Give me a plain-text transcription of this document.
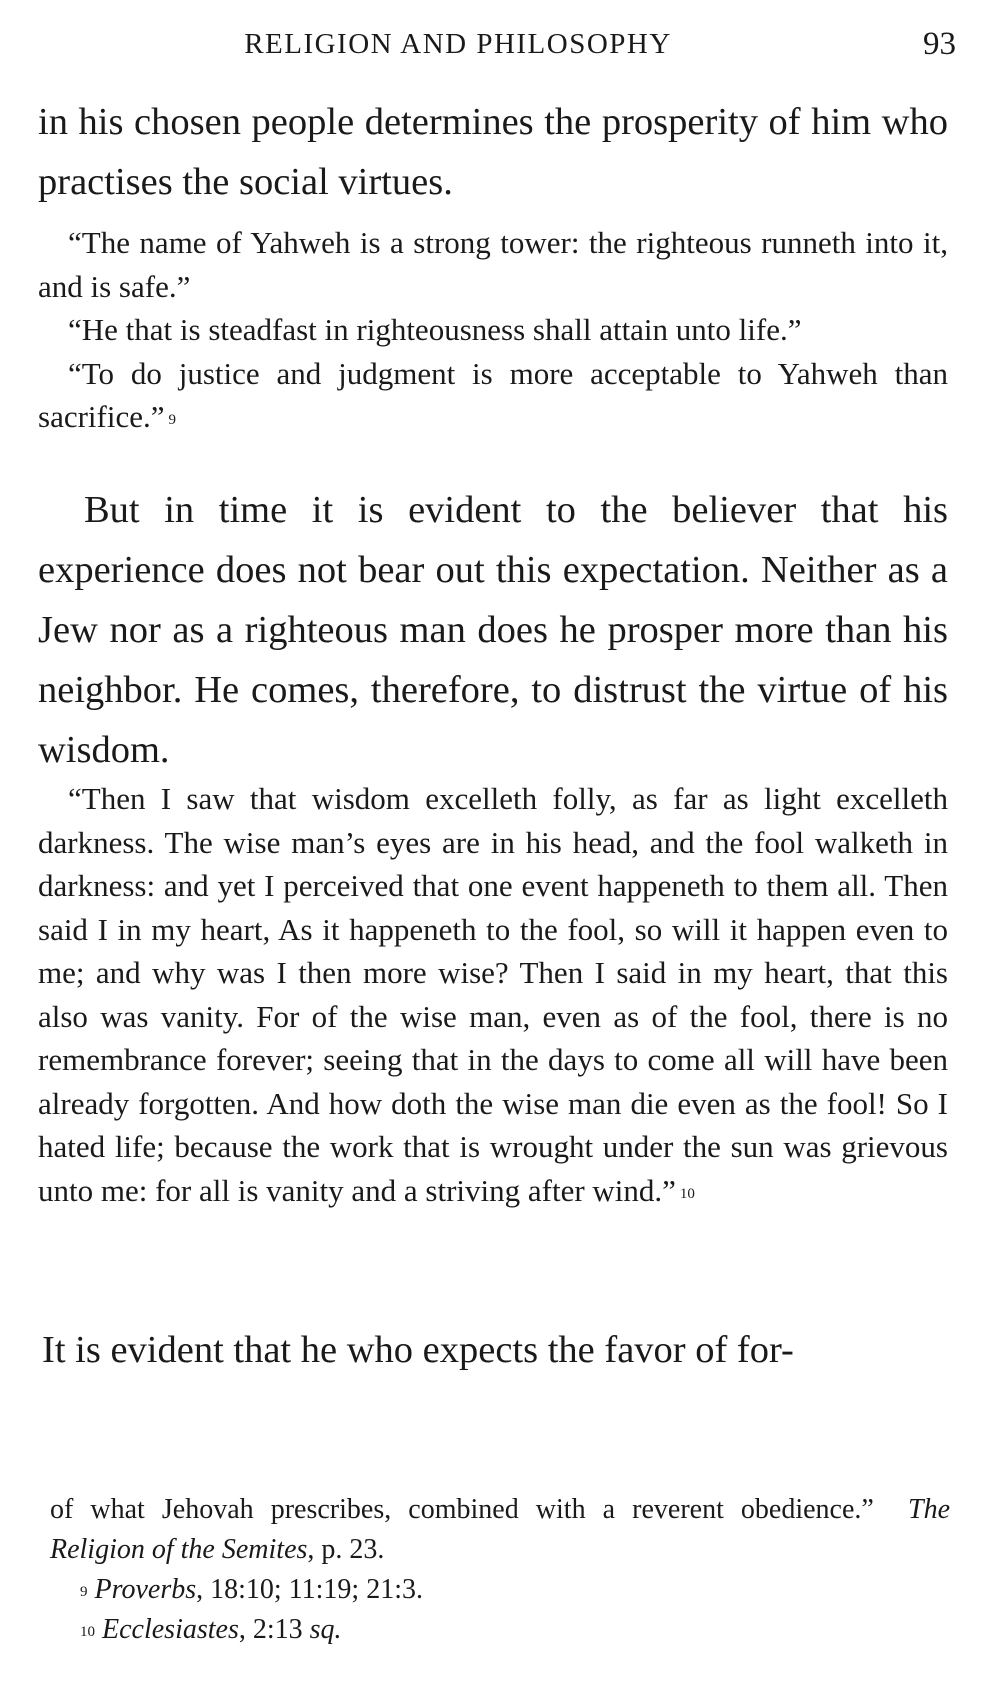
RELIGION AND PHILOSOPHY	93

in his chosen people determines the prosperity of him who practises the social virtues.

“The name of Yahweh is a strong tower: the righteous runneth into it, and is safe.”

“He that is steadfast in righteousness shall attain unto life.”

“To do justice and judgment is more acceptable to Yahweh than sacrifice.” $^9$

But in time it is evident to the believer that his experience does not bear out this expectation. Neither as a Jew nor as a righteous man does he prosper more than his neighbor. He comes, therefore, to distrust the virtue of his wisdom.

“Then I saw that wisdom excelleth folly, as far as light excelleth darkness. The wise man’s eyes are in his head, and the fool walketh in darkness: and yet I perceived that one event happeneth to them all. Then said I in my heart, As it happeneth to the fool, so will it happen even to me; and why was I then more wise? Then I said in my heart, that this also was vanity. For of the wise man, even as of the fool, there is no remembrance forever; seeing that in the days to come all will have been already forgotten. And how doth the wise man die even as the fool! So I hated life; because the work that is wrought under the sun was grievous unto me: for all is vanity and a striving after wind.” $^{10}$

It is evident that he who expects the favor of for-

of what Jehovah prescribes, combined with a reverent obedience.” The Religion of the Semites, p. 23.

$^9$ Proverbs, 18:10; 11:19; 21:3.

$^{10}$ Ecclesiastes, 2:13 sq.
